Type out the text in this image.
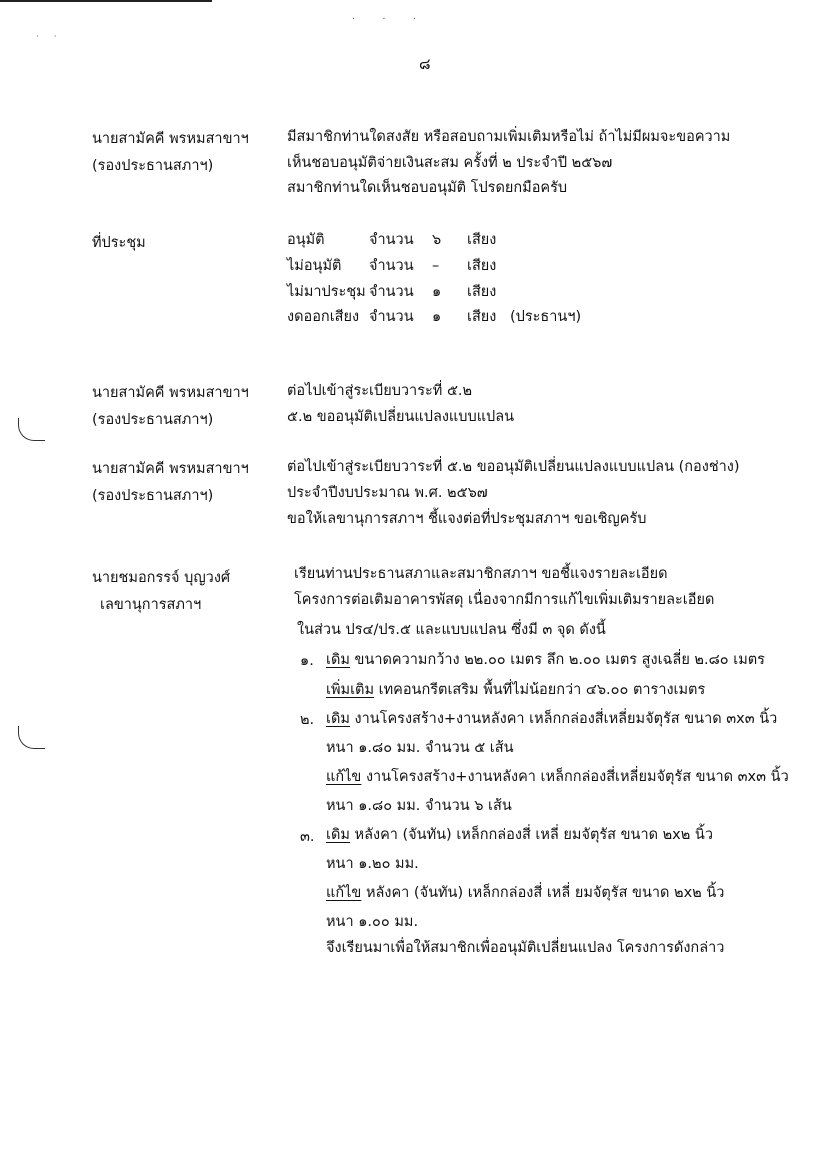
· · ·
· ·
๘
นายสามัคคี พรหมสาขาฯ
(รองประธานสภาฯ)
มีสมาชิกท่านใดสงสัย หรือสอบถามเพิ่มเติมหรือไม่ ถ้าไม่มีผมจะขอความ
เห็นชอบอนุมัติจ่ายเงินสะสม ครั้งที่ ๒ ประจำปี ๒๕๖๗
สมาชิกท่านใดเห็นชอบอนุมัติ โปรดยกมือครับ
ที่ประชุม	อนุมัติ	จำนวน ๖ เสียง
ไม่อนุมัติ จำนวน – เสียง
ไม่มาประชุม จำนวน ๑ เสียง
งดออกเสียง จำนวน ๑ เสียง (ประธานฯ)
นายสามัคคี พรหมสาขาฯ
(รองประธานสภาฯ)
ต่อไปเข้าสู่ระเบียบวาระที่ ๕.๒
๕.๒ ขออนุมัติเปลี่ยนแปลงแบบแปลน
นายสามัคคี พรหมสาขาฯ
(รองประธานสภาฯ)
ต่อไปเข้าสู่ระเบียบวาระที่ ๕.๒ ขออนุมัติเปลี่ยนแปลงแบบแปลน (กองช่าง)
ประจำปีงบประมาณ พ.ศ. ๒๕๖๗
ขอให้เลขานุการสภาฯ ชี้แจงต่อที่ประชุมสภาฯ ขอเชิญครับ
นายชมอกรรจ์ บุญวงศ์
เลขานุการสภาฯ
เรียนท่านประธานสภาและสมาชิกสภาฯ ขอชี้แจงรายละเอียด
โครงการต่อเติมอาคารพัสดุ เนื่องจากมีการแก้ไขเพิ่มเติมรายละเอียด
ในส่วน ปร๔/ปร.๕ และแบบแปลน ซึ่งมี ๓ จุด ดังนี้
๑. เดิม ขนาดความกว้าง ๒๒.๐๐ เมตร ลึก ๒.๐๐ เมตร สูงเฉลี่ย ๒.๘๐ เมตร
เพิ่มเติม เทคอนกรีตเสริม พื้นที่ไม่น้อยกว่า ๔๖.๐๐ ตารางเมตร
๒. เดิม งานโครงสร้าง+งานหลังคา เหล็กกล่องสี่เหลี่ยมจัตุรัส ขนาด ๓x๓ นิ้ว
หนา ๑.๘๐ มม. จำนวน ๕ เส้น
แก้ไข งานโครงสร้าง+งานหลังคา เหล็กกล่องสี่เหลี่ยมจัตุรัส ขนาด ๓x๓ นิ้ว
หนา ๑.๘๐ มม. จำนวน ๖ เส้น
๓. เดิม หลังคา (จันทัน) เหล็กกล่องสี่ เหลี่ ยมจัตุรัส ขนาด ๒x๒ นิ้ว
หนา ๑.๒๐ มม.
แก้ไข หลังคา (จันทัน) เหล็กกล่องสี่ เหลี่ ยมจัตุรัส ขนาด ๒x๒ นิ้ว
หนา ๑.๐๐ มม.
จึงเรียนมาเพื่อให้สมาชิกเพื่ออนุมัติเปลี่ยนแปลง โครงการดังกล่าว
